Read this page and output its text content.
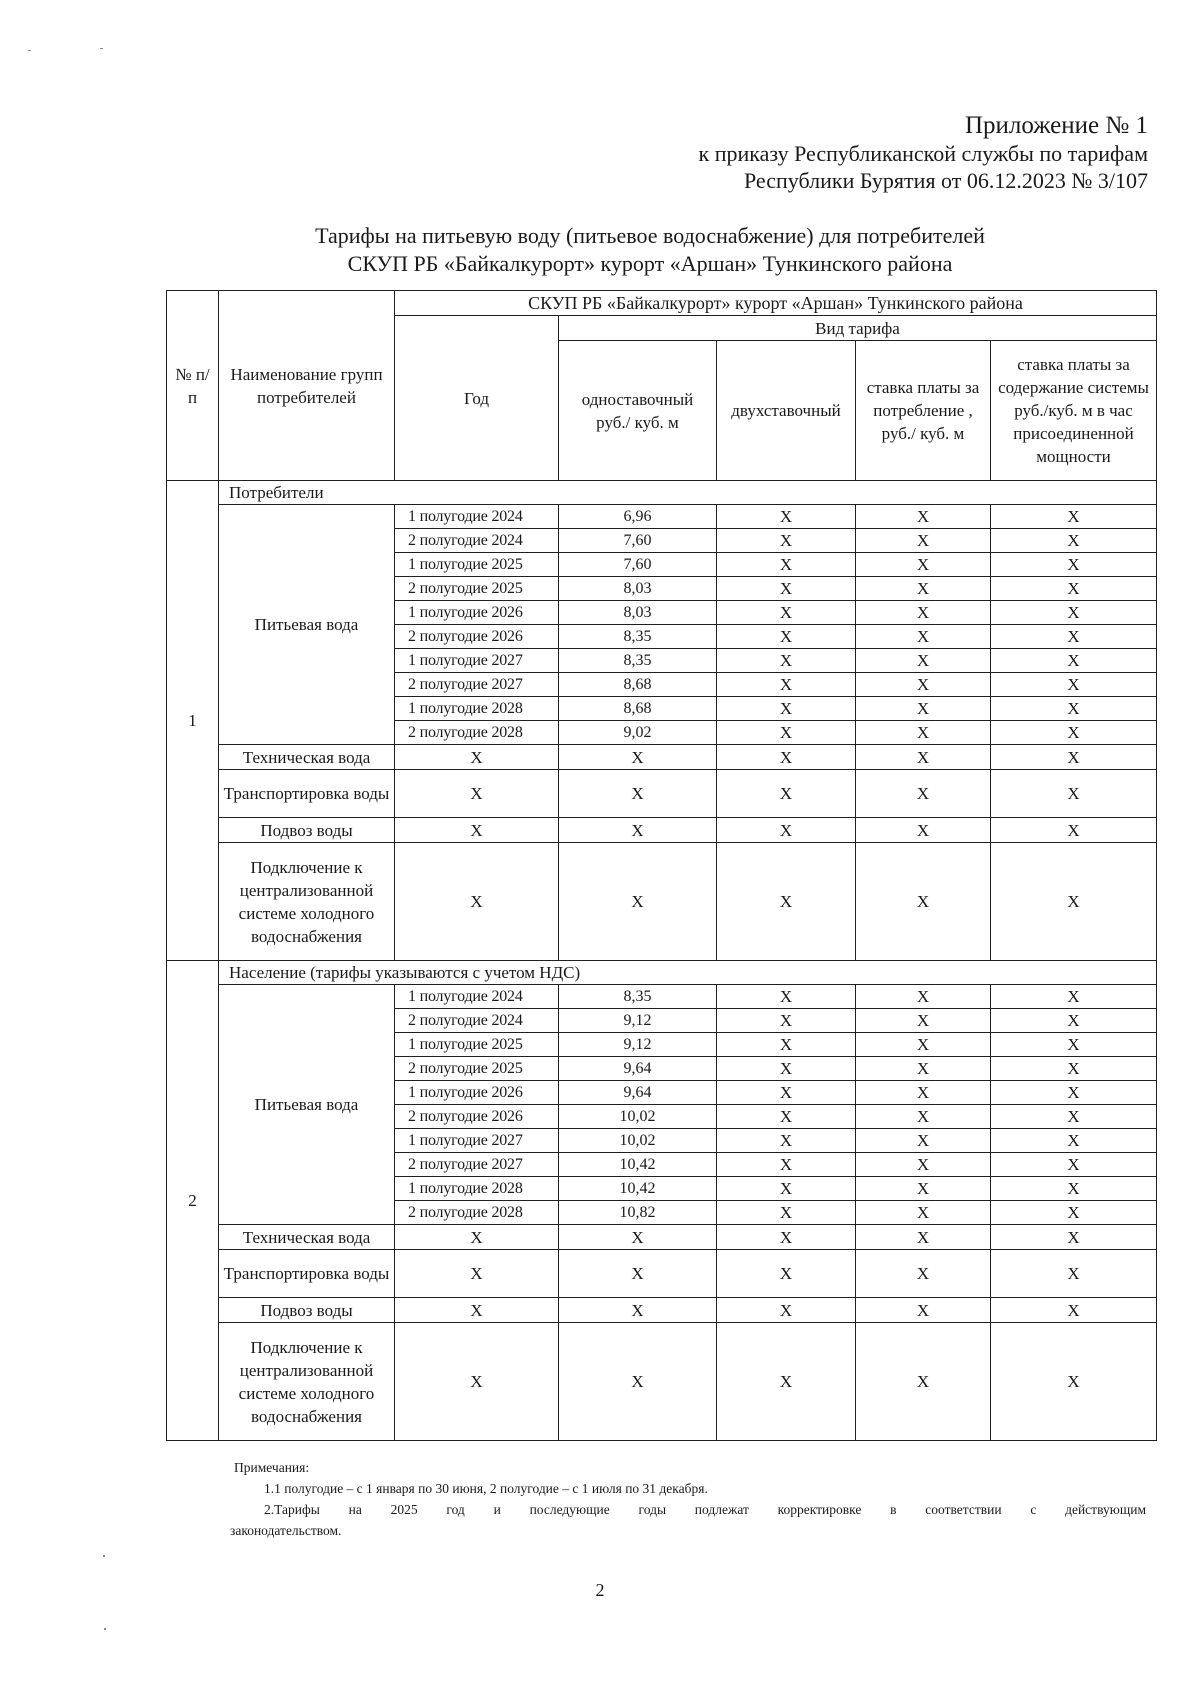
Приложение № 1
к приказу Республиканской службы по тарифам
Республики Бурятия от 06.12.2023 № 3/107
Тарифы на питьевую воду (питьевое водоснабжение) для потребителей
СКУП РБ «Байкалкурорт» курорт «Аршан» Тункинского района
№ п/п	Наименование групп потребителей	СКУП РБ «Байкалкурорт» курорт «Аршан» Тункинского района				
		Год	Вид тарифа			
			одноставочный руб./ куб. м	двухставочный	ставка платы за потребление , руб./ куб. м	ставка платы за содержание системы руб./куб. м в час присоединенной мощности
1	Потребители					
	Питьевая вода	1 полугодие 2024	6,96	X	X	X
		2 полугодие 2024	7,60	X	X	X
		1 полугодие 2025	7,60	X	X	X
		2 полугодие 2025	8,03	X	X	X
		1 полугодие 2026	8,03	X	X	X
		2 полугодие 2026	8,35	X	X	X
		1 полугодие 2027	8,35	X	X	X
		2 полугодие 2027	8,68	X	X	X
		1 полугодие 2028	8,68	X	X	X
		2 полугодие 2028	9,02	X	X	X
	Техническая вода	X	X	X	X	X
	Транспортировка воды	X	X	X	X	X
	Подвоз воды	X	X	X	X	X
	Подключение к централизованной системе холодного водоснабжения	X	X	X	X	X
2	Население (тарифы указываются с учетом НДС)					
	Питьевая вода	1 полугодие 2024	8,35	X	X	X
		2 полугодие 2024	9,12	X	X	X
		1 полугодие 2025	9,12	X	X	X
		2 полугодие 2025	9,64	X	X	X
		1 полугодие 2026	9,64	X	X	X
		2 полугодие 2026	10,02	X	X	X
		1 полугодие 2027	10,02	X	X	X
		2 полугодие 2027	10,42	X	X	X
		1 полугодие 2028	10,42	X	X	X
		2 полугодие 2028	10,82	X	X	X
	Техническая вода	X	X	X	X	X
	Транспортировка воды	X	X	X	X	X
	Подвоз воды	X	X	X	X	X
	Подключение к централизованной системе холодного водоснабжения	X	X	X	X	X
Примечания:
1.1 полугодие – с 1 января по 30 июня, 2 полугодие – с 1 июля по 31 декабря.
2.Тарифы на 2025 год и последующие годы подлежат корректировке в соответствии с действующим
законодательством.
2
